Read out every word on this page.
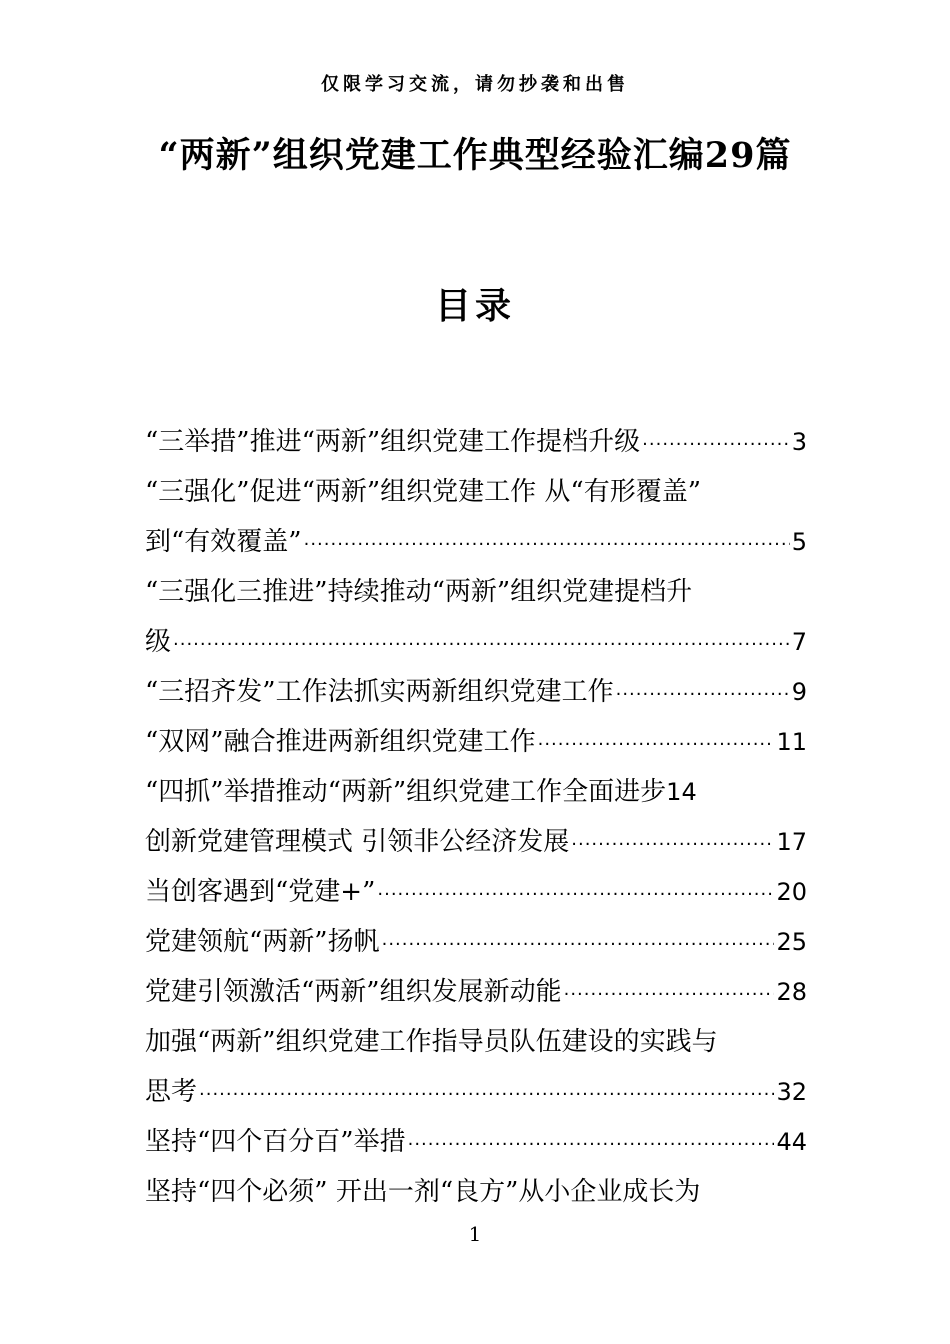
仅限学习交流，请勿抄袭和出售
“两新”组织党建工作典型经验汇编29篇
目录
“三举措”推进“两新”组织党建工作提档升级 ·····	3
“三强化”促进“两新”组织党建工作 从“有形覆盖”
到“有效覆盖” ·····	5
“三强化三推进”持续推动“两新”组织党建提档升
级 ·····	7
“三招齐发”工作法抓实两新组织党建工作 ·····	9
“双网”融合推进两新组织党建工作 ·····	11
“四抓”举措推动“两新”组织党建工作全面进步 14
创新党建管理模式 引领非公经济发展 ·····	17
当创客遇到“党建+” ·····	20
党建领航“两新”扬帆 ·····	25
党建引领激活“两新”组织发展新动能 ·····	28
加强“两新”组织党建工作指导员队伍建设的实践与
思考 ·····	32
坚持“四个百分百”举措 ·····	44
坚持“四个必须” 开出一剂“良方”从小企业成长为
1
